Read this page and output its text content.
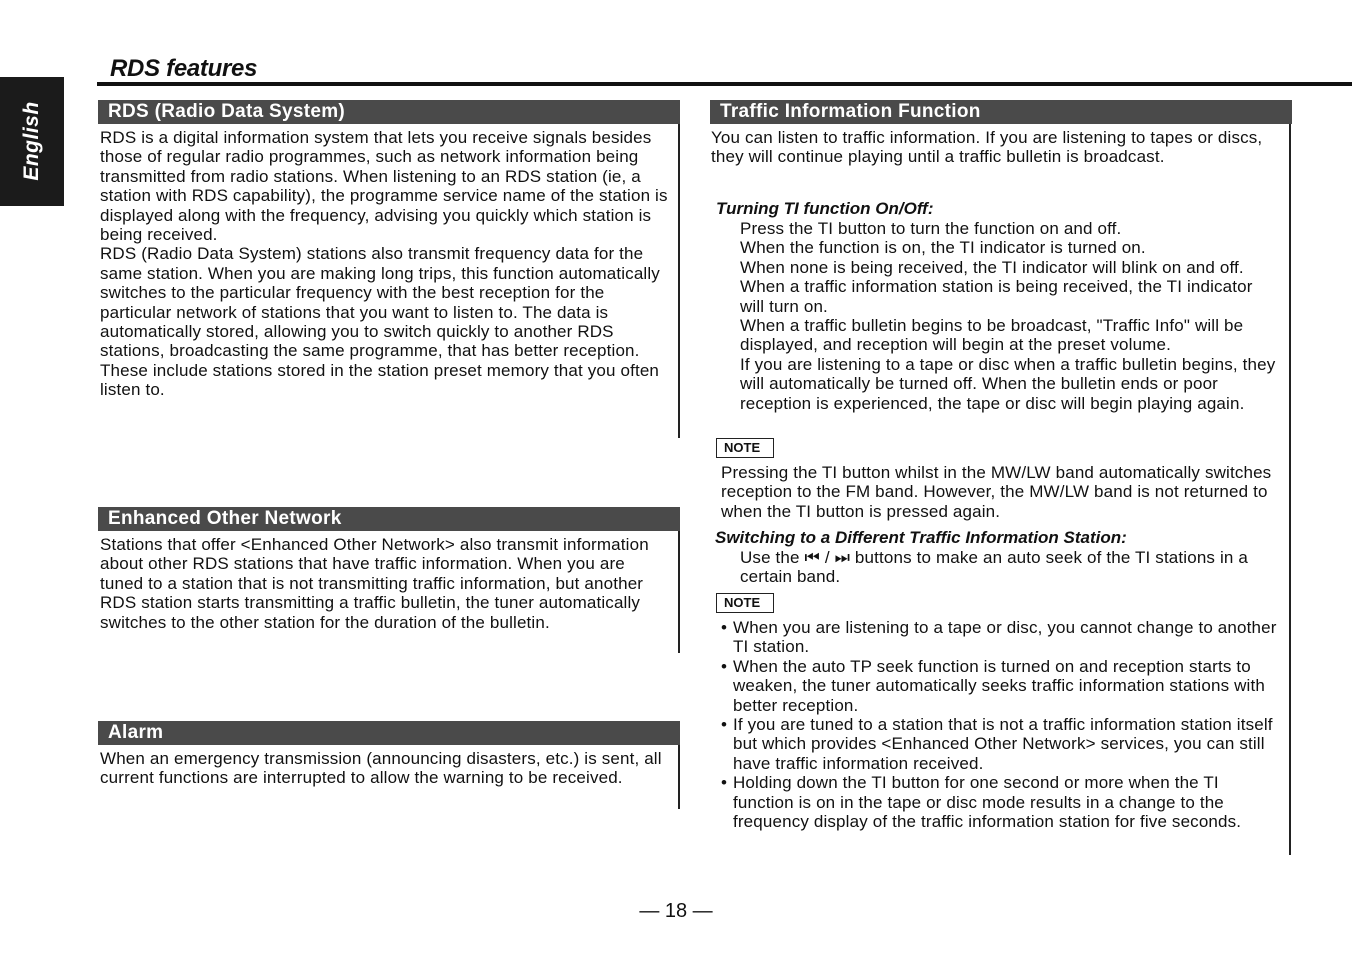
English
RDS features
RDS (Radio Data System)

RDS is a digital information system that lets you receive signals besides those of regular radio programmes, such as network information being transmitted from radio stations. When listening to an RDS station (ie, a station with RDS capability), the programme service name of the station is displayed along with the frequency, advising you quickly which station is being received.

RDS (Radio Data System) stations also transmit frequency data for the same station. When you are making long trips, this function automatically switches to the particular frequency with the best reception for the particular network of stations that you want to listen to. The data is automatically stored, allowing you to switch quickly to another RDS stations, broadcasting the same programme, that has better reception. These include stations stored in the station preset memory that you often listen to.

Enhanced Other Network
Stations that offer <Enhanced Other Network> also transmit information about other RDS stations that have traffic information. When you are tuned to a station that is not transmitting traffic information, but another RDS station starts transmitting a traffic bulletin, the tuner automatically switches to the other station for the duration of the bulletin.
Alarm
When an emergency transmission (announcing disasters, etc.) is sent, all current functions are interrupted to allow the warning to be received.
Traffic Information Function
You can listen to traffic information. If you are listening to tapes or discs, they will continue playing until a traffic bulletin is broadcast.
Turning TI function On/Off:

Press the TI button to turn the function on and off.

When the function is on, the TI indicator is turned on.

When none is being received, the TI indicator will blink on and off. When a traffic information station is being received, the TI indicator will turn on.

When a traffic bulletin begins to be broadcast, "Traffic Info" will be displayed, and reception will begin at the preset volume.

If you are listening to a tape or disc when a traffic bulletin begins, they will automatically be turned off. When the bulletin ends or poor reception is experienced, the tape or disc will begin playing again.

NOTE
Pressing the TI button whilst in the MW/LW band automatically switches reception to the FM band. However, the MW/LW band is not returned to when the TI button is pressed again.
Switching to a Different Traffic Information Station:
Use the ⏮ / ⏭ buttons to make an auto seek of the TI stations in a certain band.
NOTE
• When you are listening to a tape or disc, you cannot change to another TI station.
• When the auto TP seek function is turned on and reception starts to weaken, the tuner automatically seeks traffic information stations with better reception.
• If you are tuned to a station that is not a traffic information station itself but which provides <Enhanced Other Network> services, you can still have traffic information received.
• Holding down the TI button for one second or more when the TI function is on in the tape or disc mode results in a change to the frequency display of the traffic information station for five seconds.
— 18 —
